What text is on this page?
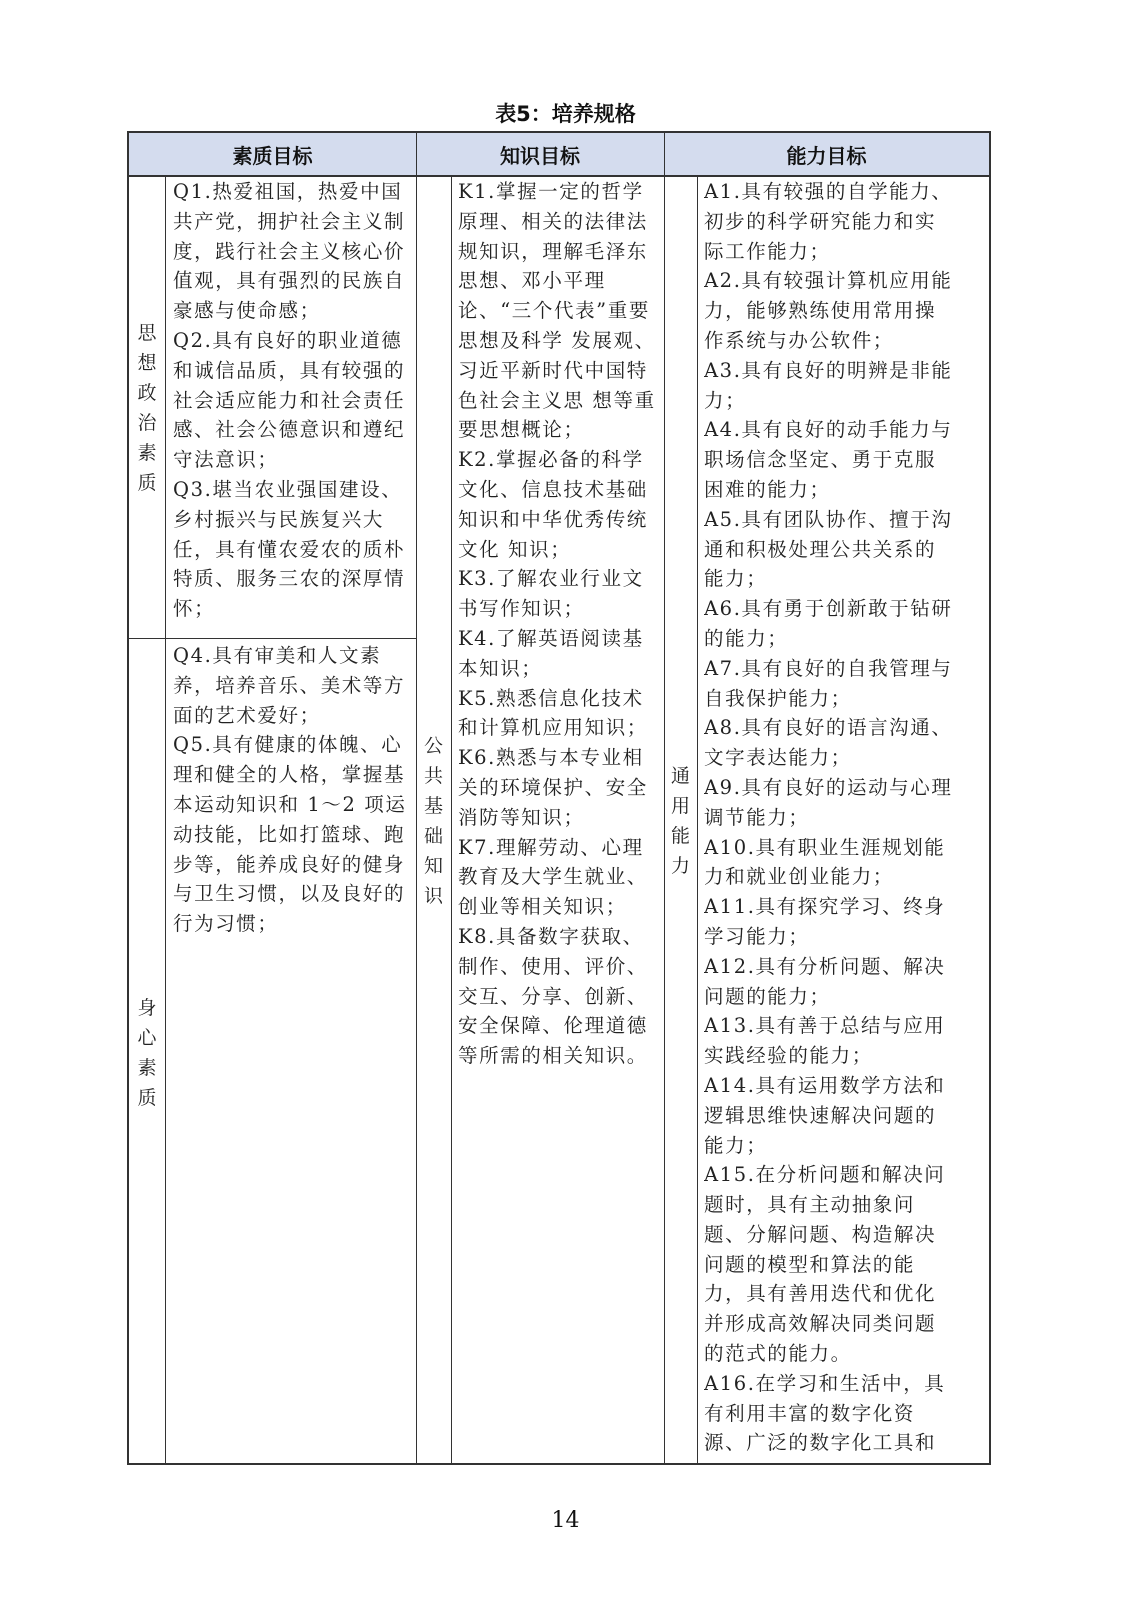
表5：培养规格
素质目标	知识目标	能力目标
思想政治素质

Q1.热爱祖国，热爱中国共产党，拥护社会主义制度，践行社会主义核心价值观，具有强烈的民族自豪感与使命感；

Q2.具有良好的职业道德和诚信品质，具有较强的社会适应能力和社会责任感、社会公德意识和遵纪守法意识；

Q3.堪当农业强国建设、乡村振兴与民族复兴大任，具有懂农爱农的质朴特质、服务三农的深厚情怀；

身心素质

Q4.具有审美和人文素养，培养音乐、美术等方面的艺术爱好；

Q5.具有健康的体魄、心理和健全的人格，掌握基本运动知识和 1～2 项运动技能，比如打篮球、跑步等，能养成良好的健身与卫生习惯，以及良好的行为习惯；

公共基础知识

K1.掌握一定的哲学原理、相关的法律法规知识，理解毛泽东思想、邓小平理论、“三个代表”重要思想及科学 发展观、习近平新时代中国特色社会主义思 想等重要思想概论；

K2.掌握必备的科学文化、信息技术基础知识和中华优秀传统文化 知识；

K3.了解农业行业文书写作知识；

K4.了解英语阅读基本知识；

K5.熟悉信息化技术和计算机应用知识；

K6.熟悉与本专业相关的环境保护、安全消防等知识；

K7.理解劳动、心理教育及大学生就业、创业等相关知识；

K8.具备数字获取、制作、使用、评价、交互、分享、创新、安全保障、伦理道德等所需的相关知识。

通用能力

A1.具有较强的自学能力、初步的科学研究能力和实际工作能力；

A2.具有较强计算机应用能力，能够熟练使用常用操作系统与办公软件；

A3.具有良好的明辨是非能力；

A4.具有良好的动手能力与职场信念坚定、勇于克服困难的能力；

A5.具有团队协作、擅于沟通和积极处理公共关系的能力；

A6.具有勇于创新敢于钻研的能力；

A7.具有良好的自我管理与自我保护能力；

A8.具有良好的语言沟通、文字表达能力；

A9.具有良好的运动与心理调节能力；

A10.具有职业生涯规划能力和就业创业能力；

A11.具有探究学习、终身学习能力；

A12.具有分析问题、解决问题的能力；

A13.具有善于总结与应用实践经验的能力；

A14.具有运用数学方法和逻辑思维快速解决问题的能力；

A15.在分析问题和解决问题时，具有主动抽象问题、分解问题、构造解决问题的模型和算法的能力，具有善用迭代和优化并形成高效解决同类问题的范式的能力。

A16.在学习和生活中，具有利用丰富的数字化资源、广泛的数字化工具和

14
